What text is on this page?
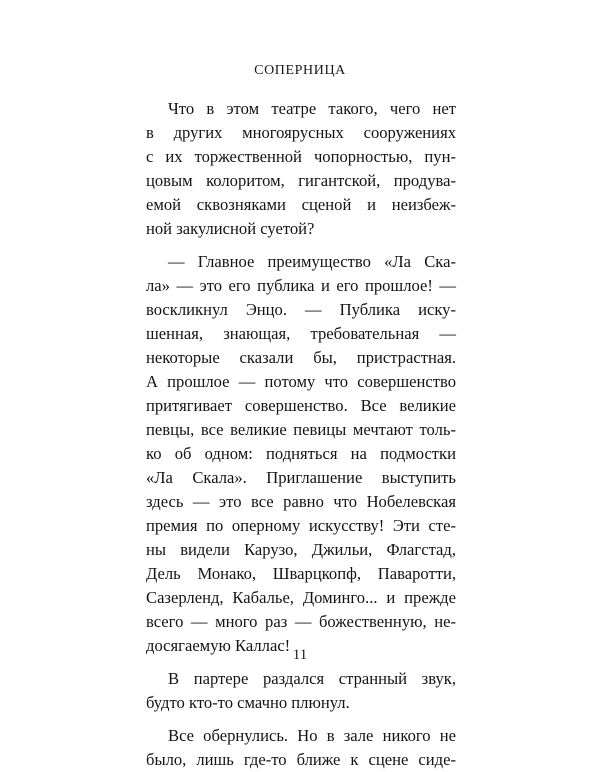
СОПЕРНИЦА

Что в этом театре такого, чего нет
в других многоярусных сооружениях
с их торжественной чопорностью, пун-
цовым колоритом, гигантской, продува-
емой сквозняками сценой и неизбеж-
ной закулисной суетой?

— Главное преимущество «Ла Ска-
ла» — это его публика и его прошлое! —
воскликнул Энцо. — Публика иску-
шенная, знающая, требовательная —
некоторые сказали бы, пристрастная.
А прошлое — потому что совершенство
притягивает совершенство. Все великие
певцы, все великие певицы мечтают толь-
ко об одном: подняться на подмостки
«Ла Скала». Приглашение выступить
здесь — это все равно что Нобелевская
премия по оперному искусству! Эти сте-
ны видели Карузо, Джильи, Флагстад,
Дель Монако, Шварцкопф, Паваротти,
Сазерленд, Кабалье, Доминго... и прежде
всего — много раз — божественную, не-
досягаемую Каллас!

В партере раздался странный звук,
будто кто-то смачно плюнул.

Все обернулись. Но в зале никого не
было, лишь где-то ближе к сцене сиде-

11
